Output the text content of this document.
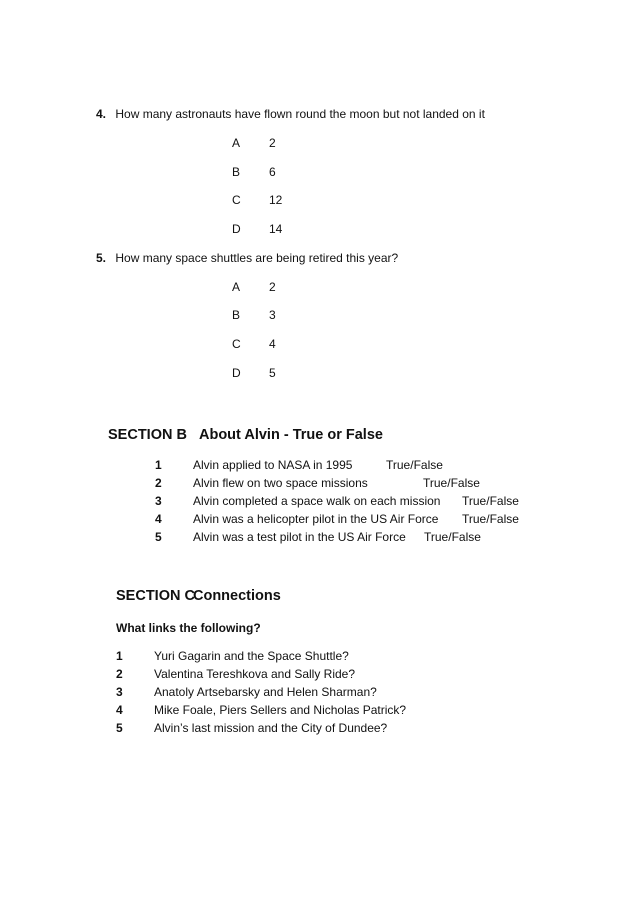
4. How many astronauts have flown round the moon but not landed on it
A 2
B 6
C 12
D 14
5. How many space shuttles are being retired this year?
A 2
B 3
C 4
D 5
SECTION B About Alvin - True or False
1	Alvin applied to NASA in 1995	True/False
2	Alvin flew on two space missions	True/False
3	Alvin completed a space walk on each mission True/False
4	Alvin was a helicopter pilot in the US Air Force True/False
5	Alvin was a test pilot in the US Air Force True/False
SECTION C
Connections
What links the following?
1	Yuri Gagarin and the Space Shuttle?
2	Valentina Tereshkova and Sally Ride?
3	Anatoly Artsebarsky and Helen Sharman?
4	Mike Foale, Piers Sellers and Nicholas Patrick?
5	Alvin’s last mission and the City of Dundee?
